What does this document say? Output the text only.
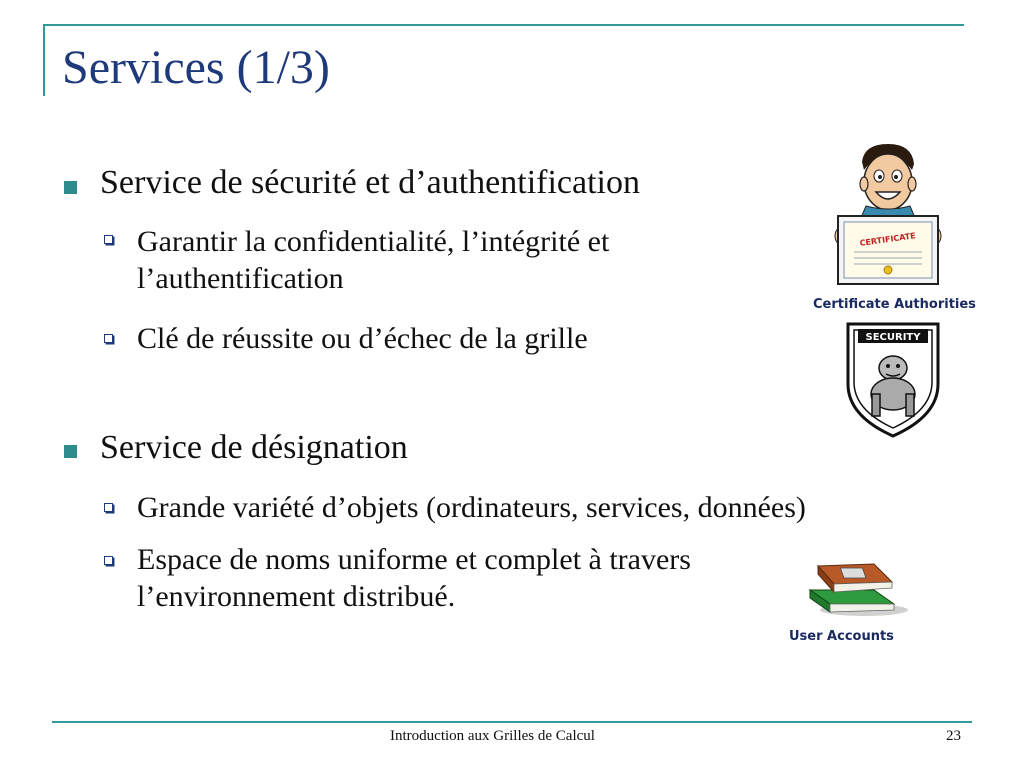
Services (1/3)
Service de sécurité et d’authentification
Garantir la confidentialité, l’intégrité et
l’authentification
Clé de réussite ou d’échec de la grille
Service de désignation
Grande variété d’objets (ordinateurs, services, données)
Espace de noms uniforme et complet à travers
l’environnement distribué.
CERTIFICATE
Certificate Authorities
SECURITY
User Accounts
Introduction aux Grilles de Calcul	23
